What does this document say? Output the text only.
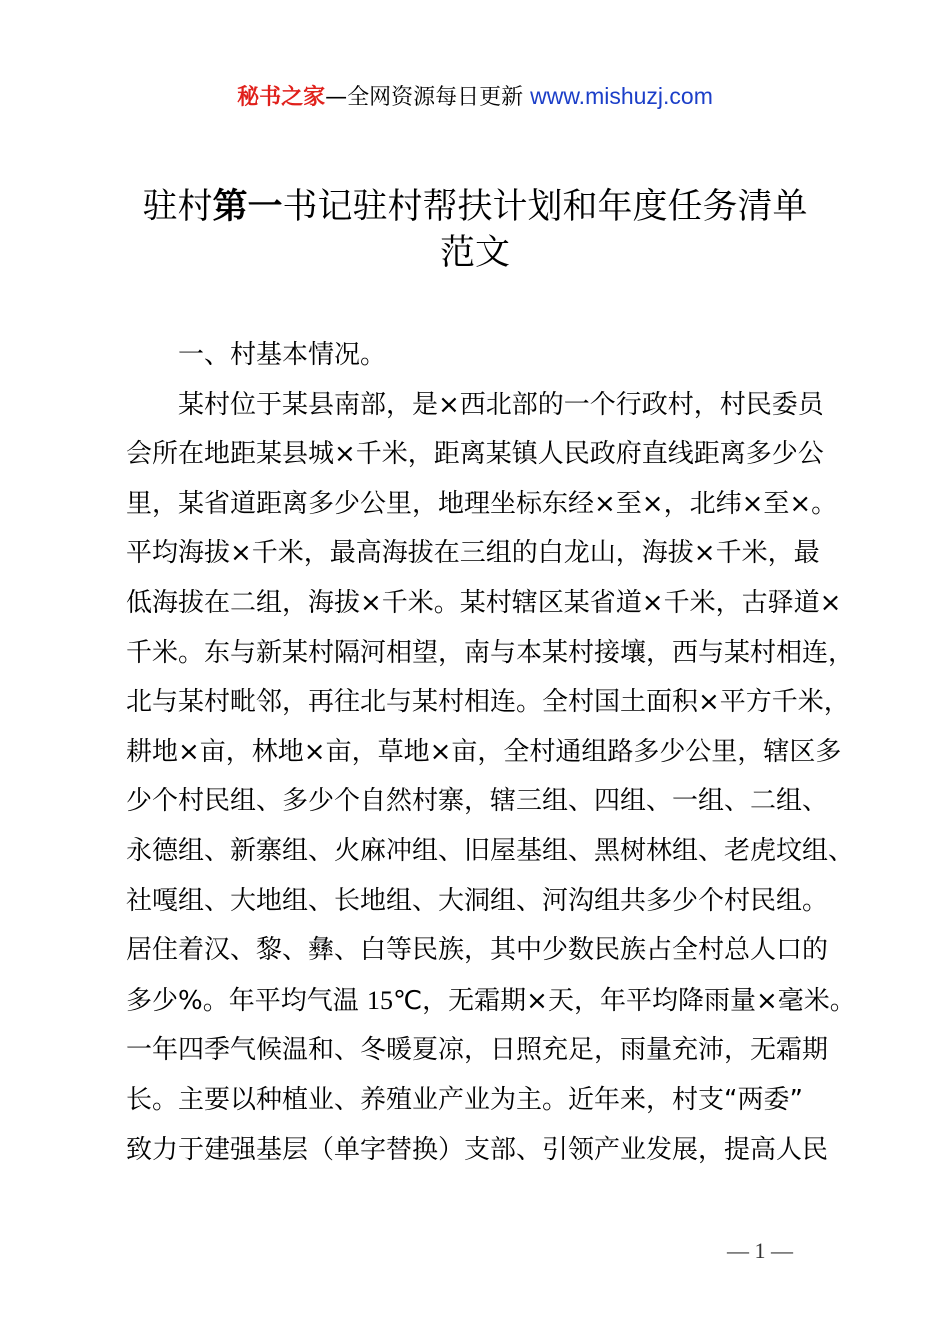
秘书之家—全网资源每日更新 www.mishuzj.com
驻村第一书记驻村帮扶计划和年度任务清单
范文

一、村基本情况。

某村位于某县南部，是×西北部的一个行政村，村民委员
会所在地距某县城×千米，距离某镇人民政府直线距离多少公
里，某省道距离多少公里，地理坐标东经×至×，北纬×至×。
平均海拔×千米，最高海拔在三组的白龙山，海拔×千米，最
低海拔在二组，海拔×千米。某村辖区某省道×千米，古驿道×
千米。东与新某村隔河相望，南与本某村接壤，西与某村相连，
北与某村毗邻，再往北与某村相连。全村国土面积×平方千米，
耕地×亩，林地×亩，草地×亩，全村通组路多少公里，辖区多
少个村民组、多少个自然村寨，辖三组、四组、一组、二组、
永德组、新寨组、火麻冲组、旧屋基组、黑树林组、老虎坟组、
社嘎组、大地组、长地组、大洞组、河沟组共多少个村民组。
居住着汉、黎、彝、白等民族，其中少数民族占全村总人口的
多少%。年平均气温 15℃，无霜期×天，年平均降雨量×毫米。
一年四季气候温和、冬暖夏凉，日照充足，雨量充沛，无霜期
长。主要以种植业、养殖业产业为主。近年来，村支“两委”
致力于建强基层（单字替换）支部、引领产业发展，提高人民
— 1 —
